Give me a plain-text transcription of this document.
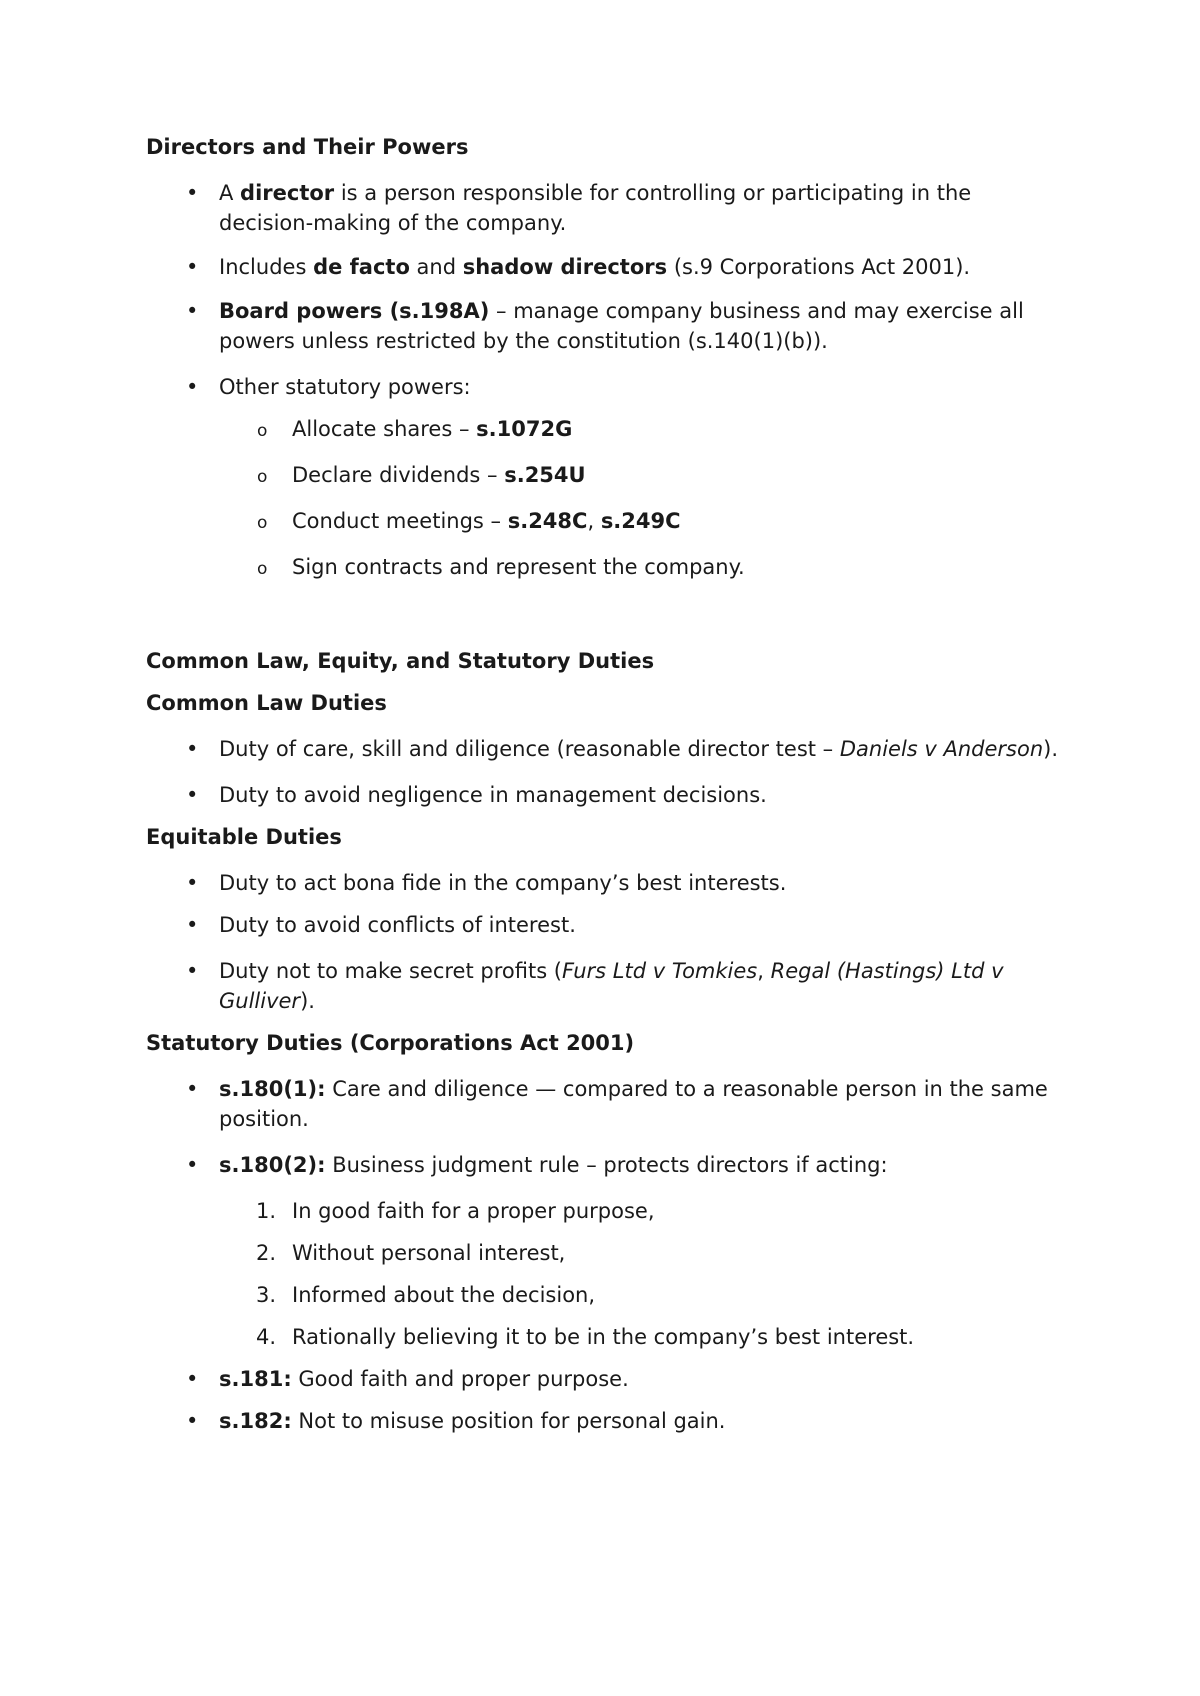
Directors and Their Powers
• A director is a person responsible for controlling or participating in the decision-making of the company.
• Includes de facto and shadow directors (s.9 Corporations Act 2001).
• Board powers (s.198A) – manage company business and may exercise all powers unless restricted by the constitution (s.140(1)(b)).
• Other statutory powers:
o Allocate shares – s.1072G
o Declare dividends – s.254U
o Conduct meetings – s.248C, s.249C
o Sign contracts and represent the company.
Common Law, Equity, and Statutory Duties
Common Law Duties
• Duty of care, skill and diligence (reasonable director test – Daniels v Anderson).
• Duty to avoid negligence in management decisions.
Equitable Duties
• Duty to act bona fide in the company’s best interests.
• Duty to avoid conflicts of interest.
• Duty not to make secret profits (Furs Ltd v Tomkies, Regal (Hastings) Ltd v Gulliver).
Statutory Duties (Corporations Act 2001)
• s.180(1): Care and diligence — compared to a reasonable person in the same position.
• s.180(2): Business judgment rule – protects directors if acting:
1. In good faith for a proper purpose,
2. Without personal interest,
3. Informed about the decision,
4. Rationally believing it to be in the company’s best interest.
• s.181: Good faith and proper purpose.
• s.182: Not to misuse position for personal gain.
